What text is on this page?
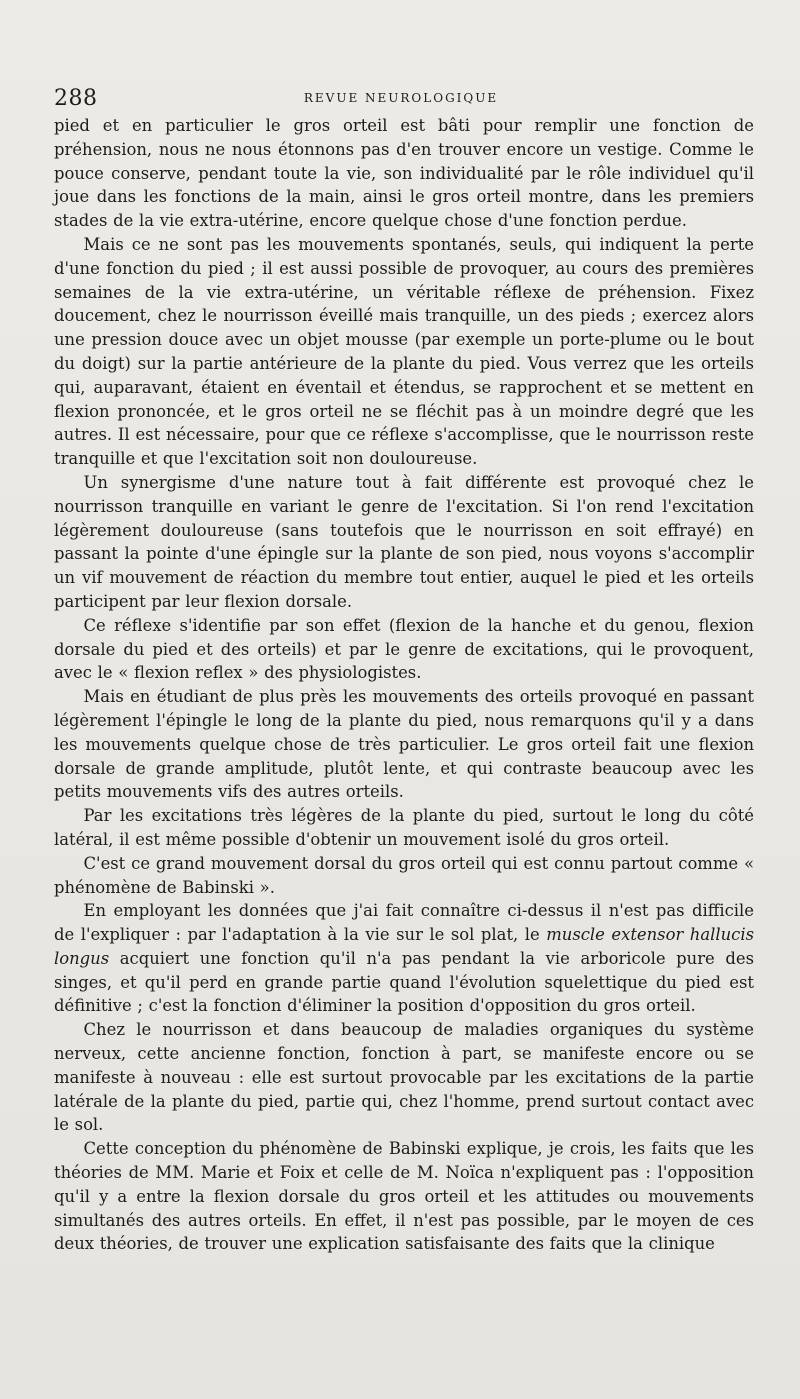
288	REVUE NEUROLOGIQUE

pied et en particulier le gros orteil est bâti pour remplir une fonction de préhension, nous ne nous étonnons pas d'en trouver encore un vestige. Comme le pouce conserve, pendant toute la vie, son individualité par le rôle individuel qu'il joue dans les fonctions de la main, ainsi le gros orteil montre, dans les premiers stades de la vie extra-utérine, encore quelque chose d'une fonction perdue.

Mais ce ne sont pas les mouvements spontanés, seuls, qui indiquent la perte d'une fonction du pied ; il est aussi possible de provoquer, au cours des premières semaines de la vie extra-utérine, un véritable réflexe de préhension. Fixez doucement, chez le nourrisson éveillé mais tranquille, un des pieds ; exercez alors une pression douce avec un objet mousse (par exemple un porte-plume ou le bout du doigt) sur la partie antérieure de la plante du pied. Vous verrez que les orteils qui, auparavant, étaient en éventail et étendus, se rapprochent et se mettent en flexion prononcée, et le gros orteil ne se fléchit pas à un moindre degré que les autres. Il est nécessaire, pour que ce réflexe s'accomplisse, que le nourrisson reste tranquille et que l'excitation soit non douloureuse.

Un synergisme d'une nature tout à fait différente est provoqué chez le nourrisson tranquille en variant le genre de l'excitation. Si l'on rend l'excitation légèrement douloureuse (sans toutefois que le nourrisson en soit effrayé) en passant la pointe d'une épingle sur la plante de son pied, nous voyons s'accomplir un vif mouvement de réaction du membre tout entier, auquel le pied et les orteils participent par leur flexion dorsale.

Ce réflexe s'identifie par son effet (flexion de la hanche et du genou, flexion dorsale du pied et des orteils) et par le genre de excitations, qui le provoquent, avec le « flexion reflex » des physiologistes.

Mais en étudiant de plus près les mouvements des orteils provoqué en passant légèrement l'épingle le long de la plante du pied, nous remarquons qu'il y a dans les mouvements quelque chose de très particulier. Le gros orteil fait une flexion dorsale de grande amplitude, plutôt lente, et qui contraste beaucoup avec les petits mouvements vifs des autres orteils.

Par les excitations très légères de la plante du pied, surtout le long du côté latéral, il est même possible d'obtenir un mouvement isolé du gros orteil.

C'est ce grand mouvement dorsal du gros orteil qui est connu partout comme « phénomène de Babinski ».

En employant les données que j'ai fait connaître ci-dessus il n'est pas difficile de l'expliquer : par l'adaptation à la vie sur le sol plat, le muscle extensor hallucis longus acquiert une fonction qu'il n'a pas pendant la vie arboricole pure des singes, et qu'il perd en grande partie quand l'évolution squelettique du pied est définitive ; c'est la fonction d'éliminer la position d'opposition du gros orteil.

Chez le nourrisson et dans beaucoup de maladies organiques du système nerveux, cette ancienne fonction, fonction à part, se manifeste encore ou se manifeste à nouveau : elle est surtout provocable par les excitations de la partie latérale de la plante du pied, partie qui, chez l'homme, prend surtout contact avec le sol.

Cette conception du phénomène de Babinski explique, je crois, les faits que les théories de MM. Marie et Foix et celle de M. Noïca n'expliquent pas : l'opposition qu'il y a entre la flexion dorsale du gros orteil et les attitudes ou mouvements simultanés des autres orteils. En effet, il n'est pas possible, par le moyen de ces deux théories, de trouver une explication satisfaisante des faits que la clinique
